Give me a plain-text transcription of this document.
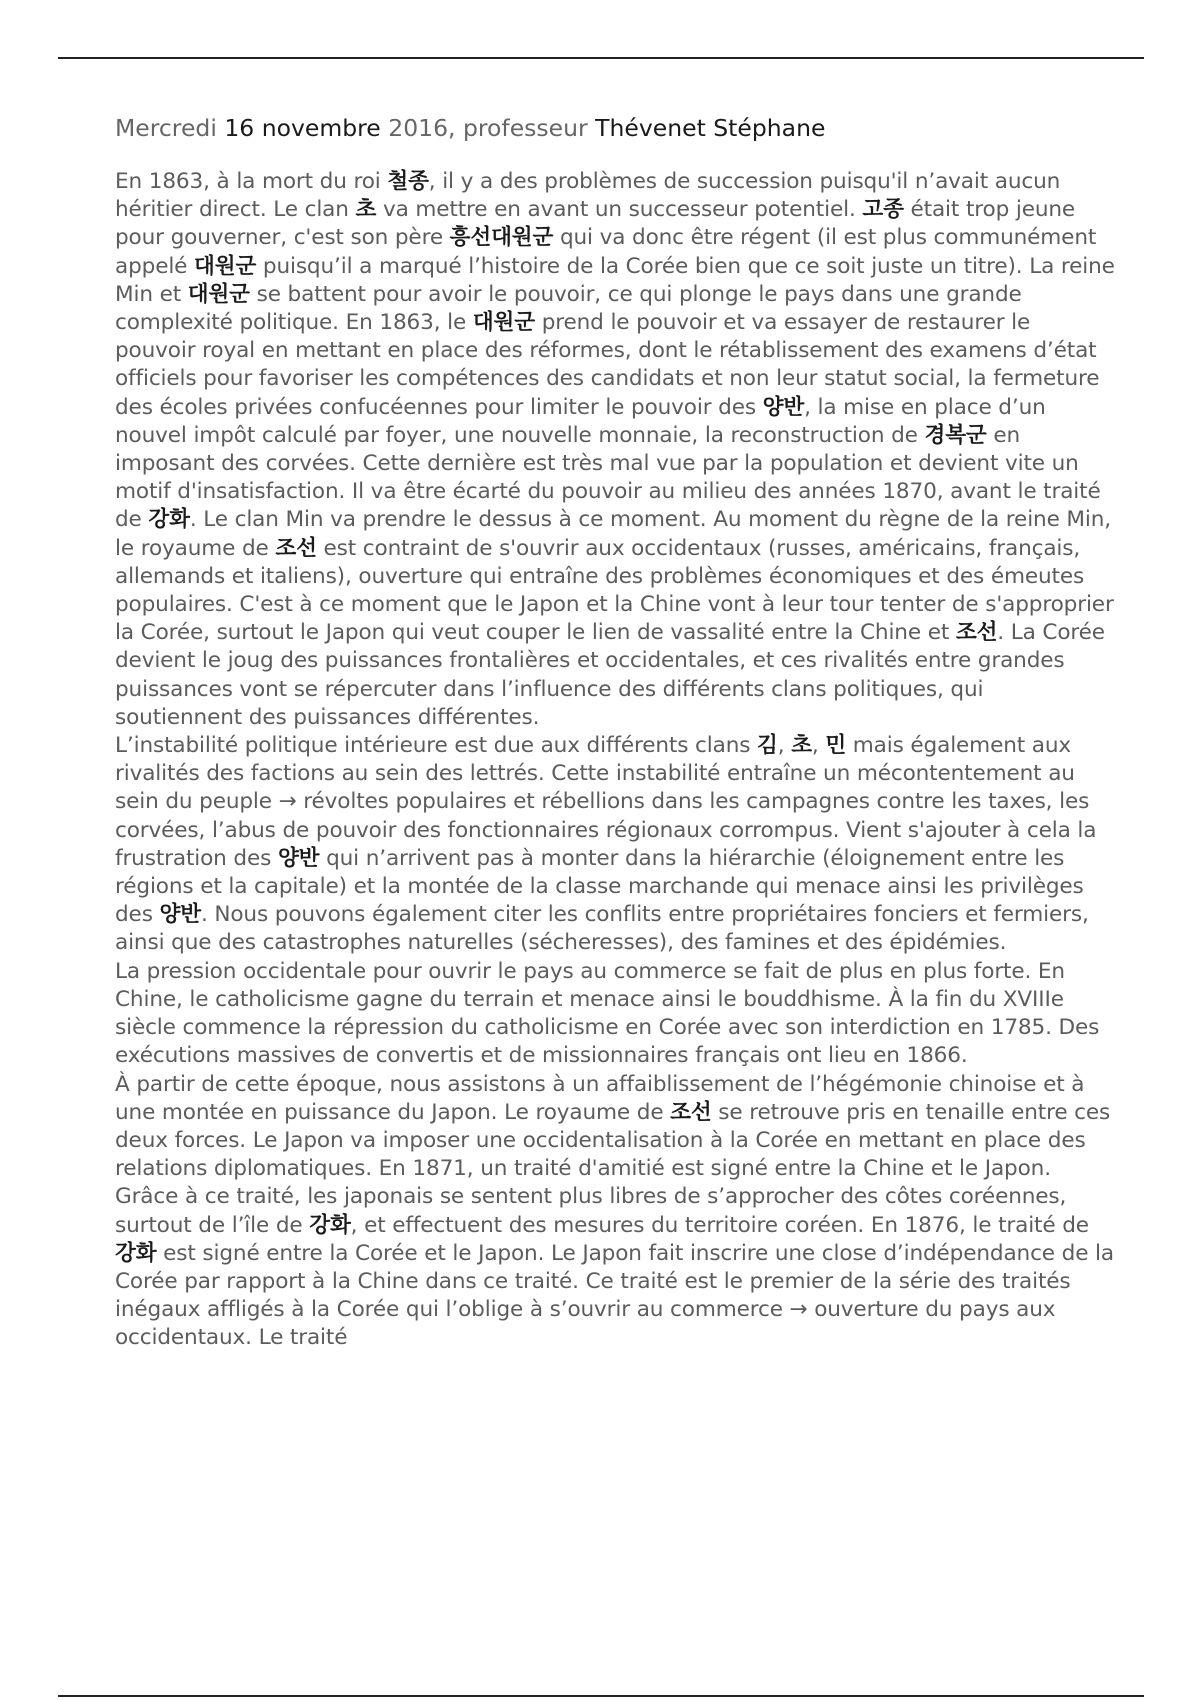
Mercredi 16 novembre 2016, professeur Thévenet Stéphane

En 1863, à la mort du roi 철종, il y a des problèmes de succession puisqu'il n’avait aucun héritier direct. Le clan 초 va mettre en avant un successeur potentiel. 고종 était trop jeune pour gouverner, c'est son père 흥선대원군 qui va donc être régent (il est plus communément appelé 대원군 puisqu’il a marqué l’histoire de la Corée bien que ce soit juste un titre). La reine Min et 대원군 se battent pour avoir le pouvoir, ce qui plonge le pays dans une grande complexité politique. En 1863, le 대원군 prend le pouvoir et va essayer de restaurer le pouvoir royal en mettant en place des réformes, dont le rétablissement des examens d’état officiels pour favoriser les compétences des candidats et non leur statut social, la fermeture des écoles privées confucéennes pour limiter le pouvoir des 양반, la mise en place d’un nouvel impôt calculé par foyer, une nouvelle monnaie, la reconstruction de 경복군 en imposant des corvées. Cette dernière est très mal vue par la population et devient vite un motif d'insatisfaction. Il va être écarté du pouvoir au milieu des années 1870, avant le traité de 강화. Le clan Min va prendre le dessus à ce moment. Au moment du règne de la reine Min, le royaume de 조선 est contraint de s'ouvrir aux occidentaux (russes, américains, français, allemands et italiens), ouverture qui entraîne des problèmes économiques et des émeutes populaires. C'est à ce moment que le Japon et la Chine vont à leur tour tenter de s'approprier la Corée, surtout le Japon qui veut couper le lien de vassalité entre la Chine et 조선. La Corée devient le joug des puissances frontalières et occidentales, et ces rivalités entre grandes puissances vont se répercuter dans l’influence des différents clans politiques, qui soutiennent des puissances différentes.

L’instabilité politique intérieure est due aux différents clans 김, 초, 민 mais également aux rivalités des factions au sein des lettrés. Cette instabilité entraîne un mécontentement au sein du peuple → révoltes populaires et rébellions dans les campagnes contre les taxes, les corvées, l’abus de pouvoir des fonctionnaires régionaux corrompus. Vient s'ajouter à cela la frustration des 양반 qui n’arrivent pas à monter dans la hiérarchie (éloignement entre les régions et la capitale) et la montée de la classe marchande qui menace ainsi les privilèges des 양반. Nous pouvons également citer les conflits entre propriétaires fonciers et fermiers, ainsi que des catastrophes naturelles (sécheresses), des famines et des épidémies.

La pression occidentale pour ouvrir le pays au commerce se fait de plus en plus forte. En Chine, le catholicisme gagne du terrain et menace ainsi le bouddhisme. À la fin du XVIIIe siècle commence la répression du catholicisme en Corée avec son interdiction en 1785. Des exécutions massives de convertis et de missionnaires français ont lieu en 1866.

À partir de cette époque, nous assistons à un affaiblissement de l’hégémonie chinoise et à une montée en puissance du Japon. Le royaume de 조선 se retrouve pris en tenaille entre ces deux forces. Le Japon va imposer une occidentalisation à la Corée en mettant en place des relations diplomatiques. En 1871, un traité d'amitié est signé entre la Chine et le Japon. Grâce à ce traité, les japonais se sentent plus libres de s’approcher des côtes coréennes, surtout de l’île de 강화, et effectuent des mesures du territoire coréen. En 1876, le traité de 강화 est signé entre la Corée et le Japon. Le Japon fait inscrire une close d’indépendance de la Corée par rapport à la Chine dans ce traité. Ce traité est le premier de la série des traités inégaux affligés à la Corée qui l’oblige à s’ouvrir au commerce → ouverture du pays aux occidentaux. Le traité
